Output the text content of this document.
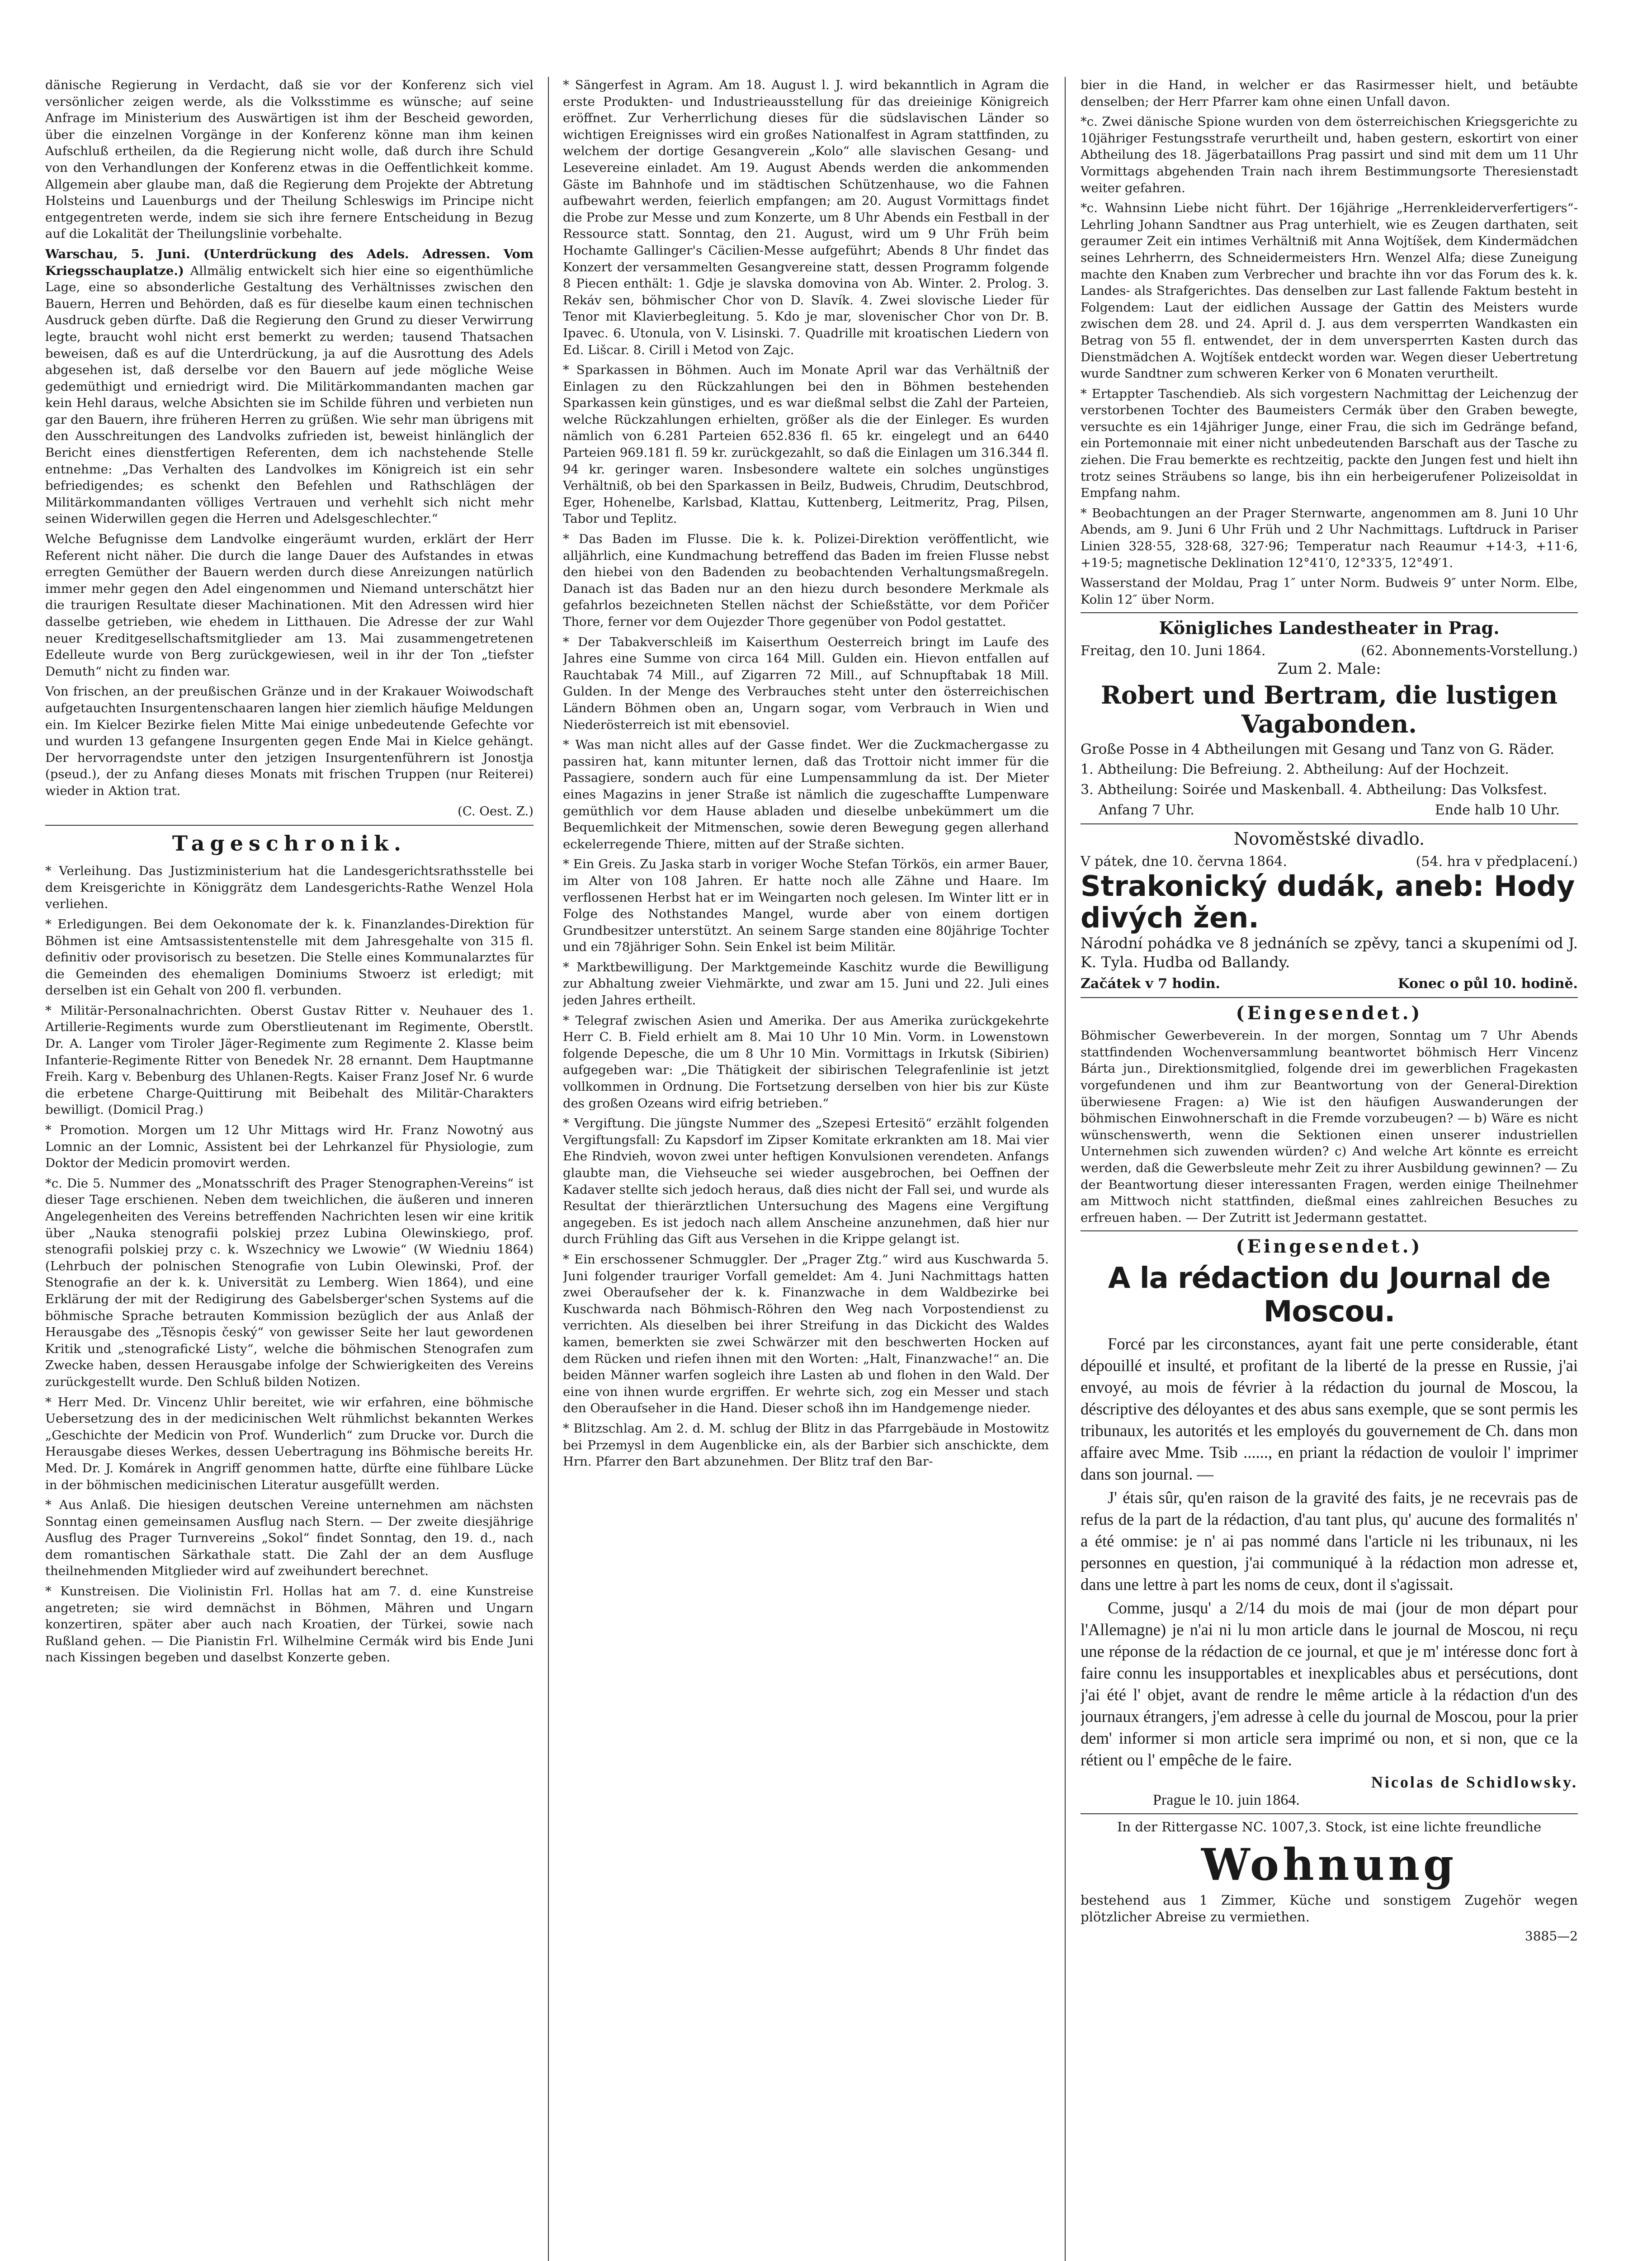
dänische Regierung in Verdacht, daß sie vor der Konferenz sich viel versönlicher zeigen werde, als die Volksstimme es wünsche; auf seine Anfrage im Ministerium des Auswärtigen ist ihm der Bescheid geworden, über die einzelnen Vorgänge in der Konferenz könne man ihm keinen Aufschluß ertheilen, da die Regierung nicht wolle, daß durch ihre Schuld von den Verhandlungen der Konferenz etwas in die Oeffentlichkeit komme. Allgemein aber glaube man, daß die Regierung dem Projekte der Abtretung Holsteins und Lauenburgs und der Theilung Schleswigs im Principe nicht entgegentreten werde, indem sie sich ihre fernere Entscheidung in Bezug auf die Lokalität der Theilungslinie vorbehalte.

Warschau, 5. Juni. (Unterdrückung des Adels. Adressen. Vom Kriegsschauplatze.) Allmälig entwickelt sich hier eine so eigenthümliche Lage, eine so absonderliche Gestaltung des Verhältnisses zwischen den Bauern, Herren und Behörden, daß es für dieselbe kaum einen technischen Ausdruck geben dürfte. Daß die Regierung den Grund zu dieser Verwirrung legte, braucht wohl nicht erst bemerkt zu werden; tausend Thatsachen beweisen, daß es auf die Unterdrückung, ja auf die Ausrottung des Adels abgesehen ist, daß derselbe vor den Bauern auf jede mögliche Weise gedemüthigt und erniedrigt wird. Die Militärkommandanten machen gar kein Hehl daraus, welche Absichten sie im Schilde führen und verbieten nun gar den Bauern, ihre früheren Herren zu grüßen. Wie sehr man übrigens mit den Ausschreitungen des Landvolks zufrieden ist, beweist hinlänglich der Bericht eines dienstfertigen Referenten, dem ich nachstehende Stelle entnehme: „Das Verhalten des Landvolkes im Königreich ist ein sehr befriedigendes; es schenkt den Befehlen und Rathschlägen der Militärkommandanten völliges Vertrauen und verhehlt sich nicht mehr seinen Widerwillen gegen die Herren und Adelsgeschlechter.“

Welche Befugnisse dem Landvolke eingeräumt wurden, erklärt der Herr Referent nicht näher. Die durch die lange Dauer des Aufstandes in etwas erregten Gemüther der Bauern werden durch diese Anreizungen natürlich immer mehr gegen den Adel eingenommen und Niemand unterschätzt hier die traurigen Resultate dieser Machinationen. Mit den Adressen wird hier dasselbe getrieben, wie ehedem in Litthauen. Die Adresse der zur Wahl neuer Kreditgesellschaftsmitglieder am 13. Mai zusammengetretenen Edelleute wurde von Berg zurückgewiesen, weil in ihr der Ton „tiefster Demuth“ nicht zu finden war.

Von frischen, an der preußischen Gränze und in der Krakauer Woiwodschaft aufgetauchten Insurgentenschaaren langen hier ziemlich häufige Meldungen ein. Im Kielcer Bezirke fielen Mitte Mai einige unbedeutende Gefechte vor und wurden 13 gefangene Insurgenten gegen Ende Mai in Kielce gehängt. Der hervorragendste unter den jetzigen Insurgentenführern ist Jonostja (pseud.), der zu Anfang dieses Monats mit frischen Truppen (nur Reiterei) wieder in Aktion trat.

(C. Oest. Z.)

Tageschronik.

* Verleihung. Das Justizministerium hat die Landesgerichtsrathsstelle bei dem Kreisgerichte in Königgrätz dem Landesgerichts-Rathe Wenzel Hola verliehen.

* Erledigungen. Bei dem Oekonomate der k. k. Finanzlandes-Direktion für Böhmen ist eine Amtsassistentenstelle mit dem Jahresgehalte von 315 fl. definitiv oder provisorisch zu besetzen. Die Stelle eines Kommunalarztes für die Gemeinden des ehemaligen Dominiums Stwoerz ist erledigt; mit derselben ist ein Gehalt von 200 fl. verbunden.

* Militär-Personalnachrichten. Oberst Gustav Ritter v. Neuhauer des 1. Artillerie-Regiments wurde zum Oberstlieutenant im Regimente, Oberstlt. Dr. A. Langer vom Tiroler Jäger-Regimente zum Regimente 2. Klasse beim Infanterie-Regimente Ritter von Benedek Nr. 28 ernannt. Dem Hauptmanne Freih. Karg v. Bebenburg des Uhlanen-Regts. Kaiser Franz Josef Nr. 6 wurde die erbetene Charge-Quittirung mit Beibehalt des Militär-Charakters bewilligt. (Domicil Prag.)

* Promotion. Morgen um 12 Uhr Mittags wird Hr. Franz Nowotný aus Lomnic an der Lomnic, Assistent bei der Lehrkanzel für Physiologie, zum Doktor der Medicin promovirt werden.

*c. Die 5. Nummer des „Monatsschrift des Prager Stenographen-Vereins“ ist dieser Tage erschienen. Neben dem tweichlichen, die äußeren und inneren Angelegenheiten des Vereins betreffenden Nachrichten lesen wir eine kritik über „Nauka stenografii polskiej przez Lubina Olewinskiego, prof. stenografii polskiej przy c. k. Wszechnicy we Lwowie“ (W Wiedniu 1864) (Lehrbuch der polnischen Stenografie von Lubin Olewinski, Prof. der Stenografie an der k. k. Universität zu Lemberg. Wien 1864), und eine Erklärung der mit der Redigirung des Gabelsberger'schen Systems auf die böhmische Sprache betrauten Kommission bezüglich der aus Anlaß der Herausgabe des „Těsnopis český“ von gewisser Seite her laut gewordenen Kritik und „stenografické Listy“, welche die böhmischen Stenografen zum Zwecke haben, dessen Herausgabe infolge der Schwierigkeiten des Vereins zurückgestellt wurde. Den Schluß bilden Notizen.

* Herr Med. Dr. Vincenz Uhlir bereitet, wie wir erfahren, eine böhmische Uebersetzung des in der medicinischen Welt rühmlichst bekannten Werkes „Geschichte der Medicin von Prof. Wunderlich“ zum Drucke vor. Durch die Herausgabe dieses Werkes, dessen Uebertragung ins Böhmische bereits Hr. Med. Dr. J. Komárek in Angriff genommen hatte, dürfte eine fühlbare Lücke in der böhmischen medicinischen Literatur ausgefüllt werden.

* Aus Anlaß. Die hiesigen deutschen Vereine unternehmen am nächsten Sonntag einen gemeinsamen Ausflug nach Stern. — Der zweite diesjährige Ausflug des Prager Turnvereins „Sokol“ findet Sonntag, den 19. d., nach dem romantischen Särkathale statt. Die Zahl der an dem Ausfluge theilnehmenden Mitglieder wird auf zweihundert berechnet.

* Kunstreisen. Die Violinistin Frl. Hollas hat am 7. d. eine Kunstreise angetreten; sie wird demnächst in Böhmen, Mähren und Ungarn konzertiren, später aber auch nach Kroatien, der Türkei, sowie nach Rußland gehen. — Die Pianistin Frl. Wilhelmine Cermák wird bis Ende Juni nach Kissingen begeben und daselbst Konzerte geben.

* Sängerfest in Agram. Am 18. August l. J. wird bekanntlich in Agram die erste Produkten- und Industrieausstellung für das dreieinige Königreich eröffnet. Zur Verherrlichung dieses für die südslavischen Länder so wichtigen Ereignisses wird ein großes Nationalfest in Agram stattfinden, zu welchem der dortige Gesangverein „Kolo“ alle slavischen Gesang- und Lesevereine einladet. Am 19. August Abends werden die ankommenden Gäste im Bahnhofe und im städtischen Schützenhause, wo die Fahnen aufbewahrt werden, feierlich empfangen; am 20. August Vormittags findet die Probe zur Messe und zum Konzerte, um 8 Uhr Abends ein Festball in der Ressource statt. Sonntag, den 21. August, wird um 9 Uhr Früh beim Hochamte Gallinger's Cäcilien-Messe aufgeführt; Abends 8 Uhr findet das Konzert der versammelten Gesangvereine statt, dessen Programm folgende 8 Piecen enthält: 1. Gdje je slavska domovina von Ab. Winter. 2. Prolog. 3. Rekáv sen, böhmischer Chor von D. Slavík. 4. Zwei slovische Lieder für Tenor mit Klavierbegleitung. 5. Kdo je mar, slovenischer Chor von Dr. B. Ipavec. 6. Utonula, von V. Lisinski. 7. Quadrille mit kroatischen Liedern von Ed. Lišcar. 8. Cirill i Metod von Zajc.

* Sparkassen in Böhmen. Auch im Monate April war das Verhältniß der Einlagen zu den Rückzahlungen bei den in Böhmen bestehenden Sparkassen kein günstiges, und es war dießmal selbst die Zahl der Parteien, welche Rückzahlungen erhielten, größer als die der Einleger. Es wurden nämlich von 6.281 Parteien 652.836 fl. 65 kr. eingelegt und an 6440 Parteien 969.181 fl. 59 kr. zurückgezahlt, so daß die Einlagen um 316.344 fl. 94 kr. geringer waren. Insbesondere waltete ein solches ungünstiges Verhältniß, ob bei den Sparkassen in Beilz, Budweis, Chrudim, Deutschbrod, Eger, Hohenelbe, Karlsbad, Klattau, Kuttenberg, Leitmeritz, Prag, Pilsen, Tabor und Teplitz.

* Das Baden im Flusse. Die k. k. Polizei-Direktion veröffentlicht, wie alljährlich, eine Kundmachung betreffend das Baden im freien Flusse nebst den hiebei von den Badenden zu beobachtenden Verhaltungsmaßregeln. Danach ist das Baden nur an den hiezu durch besondere Merkmale als gefahrlos bezeichneten Stellen nächst der Schießstätte, vor dem Pořičer Thore, ferner vor dem Oujezder Thore gegenüber von Podol gestattet.

* Der Tabakverschleiß im Kaiserthum Oesterreich bringt im Laufe des Jahres eine Summe von circa 164 Mill. Gulden ein. Hievon entfallen auf Rauchtabak 74 Mill., auf Zigarren 72 Mill., auf Schnupftabak 18 Mill. Gulden. In der Menge des Verbrauches steht unter den österreichischen Ländern Böhmen oben an, Ungarn sogar, vom Verbrauch in Wien und Niederösterreich ist mit ebensoviel.

* Was man nicht alles auf der Gasse findet. Wer die Zuckmachergasse zu passiren hat, kann mitunter lernen, daß das Trottoir nicht immer für die Passagiere, sondern auch für eine Lumpensammlung da ist. Der Mieter eines Magazins in jener Straße ist nämlich die zugeschaffte Lumpenware gemüthlich vor dem Hause abladen und dieselbe unbekümmert um die Bequemlichkeit der Mitmenschen, sowie deren Bewegung gegen allerhand eckelerregende Thiere, mitten auf der Straße sichten.

* Ein Greis. Zu Jaska starb in voriger Woche Stefan Törkös, ein armer Bauer, im Alter von 108 Jahren. Er hatte noch alle Zähne und Haare. Im verflossenen Herbst hat er im Weingarten noch gelesen. Im Winter litt er in Folge des Nothstandes Mangel, wurde aber von einem dortigen Grundbesitzer unterstützt. An seinem Sarge standen eine 80jährige Tochter und ein 78jähriger Sohn. Sein Enkel ist beim Militär.

* Marktbewilligung. Der Marktgemeinde Kaschitz wurde die Bewilligung zur Abhaltung zweier Viehmärkte, und zwar am 15. Juni und 22. Juli eines jeden Jahres ertheilt.

* Telegraf zwischen Asien und Amerika. Der aus Amerika zurückgekehrte Herr C. B. Field erhielt am 8. Mai 10 Uhr 10 Min. Vorm. in Lowenstown folgende Depesche, die um 8 Uhr 10 Min. Vormittags in Irkutsk (Sibirien) aufgegeben war: „Die Thätigkeit der sibirischen Telegrafenlinie ist jetzt vollkommen in Ordnung. Die Fortsetzung derselben von hier bis zur Küste des großen Ozeans wird eifrig betrieben.“

* Vergiftung. Die jüngste Nummer des „Szepesi Ertesitö“ erzählt folgenden Vergiftungsfall: Zu Kapsdorf im Zipser Komitate erkrankten am 18. Mai vier Ehe Rindvieh, wovon zwei unter heftigen Konvulsionen verendeten. Anfangs glaubte man, die Viehseuche sei wieder ausgebrochen, bei Oeffnen der Kadaver stellte sich jedoch heraus, daß dies nicht der Fall sei, und wurde als Resultat der thierärztlichen Untersuchung des Magens eine Vergiftung angegeben. Es ist jedoch nach allem Anscheine anzunehmen, daß hier nur durch Frühling das Gift aus Versehen in die Krippe gelangt ist.

* Ein erschossener Schmuggler. Der „Prager Ztg.“ wird aus Kuschwarda 5. Juni folgender trauriger Vorfall gemeldet: Am 4. Juni Nachmittags hatten zwei Oberaufseher der k. k. Finanzwache in dem Waldbezirke bei Kuschwarda nach Böhmisch-Röhren den Weg nach Vorpostendienst zu verrichten. Als dieselben bei ihrer Streifung in das Dickicht des Waldes kamen, bemerkten sie zwei Schwärzer mit den beschwerten Hocken auf dem Rücken und riefen ihnen mit den Worten: „Halt, Finanzwache!“ an. Die beiden Männer warfen sogleich ihre Lasten ab und flohen in den Wald. Der eine von ihnen wurde ergriffen. Er wehrte sich, zog ein Messer und stach den Oberaufseher in die Hand. Dieser schoß ihn im Handgemenge nieder.

* Blitzschlag. Am 2. d. M. schlug der Blitz in das Pfarrgebäude in Mostowitz bei Przemysl in dem Augenblicke ein, als der Barbier sich anschickte, dem Hrn. Pfarrer den Bart abzunehmen. Der Blitz traf den Bar-

bier in die Hand, in welcher er das Rasirmesser hielt, und betäubte denselben; der Herr Pfarrer kam ohne einen Unfall davon.

*c. Zwei dänische Spione wurden von dem österreichischen Kriegsgerichte zu 10jähriger Festungsstrafe verurtheilt und, haben gestern, eskortirt von einer Abtheilung des 18. Jägerbataillons Prag passirt und sind mit dem um 11 Uhr Vormittags abgehenden Train nach ihrem Bestimmungsorte Theresienstadt weiter gefahren.

*c. Wahnsinn Liebe nicht führt. Der 16jährige „Herrenkleiderverfertigers“-Lehrling Johann Sandtner aus Prag unterhielt, wie es Zeugen darthaten, seit geraumer Zeit ein intimes Verhältniß mit Anna Wojtíšek, dem Kindermädchen seines Lehrherrn, des Schneidermeisters Hrn. Wenzel Alfa; diese Zuneigung machte den Knaben zum Verbrecher und brachte ihn vor das Forum des k. k. Landes- als Strafgerichtes. Das denselben zur Last fallende Faktum besteht in Folgendem: Laut der eidlichen Aussage der Gattin des Meisters wurde zwischen dem 28. und 24. April d. J. aus dem versperrten Wandkasten ein Betrag von 55 fl. entwendet, der in dem unversperrten Kasten durch das Dienstmädchen A. Wojtíšek entdeckt worden war. Wegen dieser Uebertretung wurde Sandtner zum schweren Kerker von 6 Monaten verurtheilt.

* Ertappter Taschendieb. Als sich vorgestern Nachmittag der Leichenzug der verstorbenen Tochter des Baumeisters Cermák über den Graben bewegte, versuchte es ein 14jähriger Junge, einer Frau, die sich im Gedränge befand, ein Portemonnaie mit einer nicht unbedeutenden Barschaft aus der Tasche zu ziehen. Die Frau bemerkte es rechtzeitig, packte den Jungen fest und hielt ihn trotz seines Sträubens so lange, bis ihn ein herbeigerufener Polizeisoldat in Empfang nahm.

* Beobachtungen an der Prager Sternwarte, angenommen am 8. Juni 10 Uhr Abends, am 9. Juni 6 Uhr Früh und 2 Uhr Nachmittags. Luftdruck in Pariser Linien 328·55, 328·68, 327·96; Temperatur nach Reaumur +14·3, +11·6, +19·5; magnetische Deklination 12°41′0, 12°33′5, 12°49′1.

Wasserstand der Moldau, Prag 1″ unter Norm. Budweis 9″ unter Norm. Elbe, Kolin 12″ über Norm.

Königliches Landestheater in Prag.
Freitag, den 10. Juni 1864.	(62. Abonnements-Vorstellung.)
Zum 2. Male:
Robert und Bertram, die lustigen Vagabonden.

Große Posse in 4 Abtheilungen mit Gesang und Tanz von G. Räder.

1. Abtheilung: Die Befreiung. 2. Abtheilung: Auf der Hochzeit.

3. Abtheilung: Soirée und Maskenball. 4. Abtheilung: Das Volksfest.

Anfang 7 Uhr.	Ende halb 10 Uhr.
Novoměstské divadlo.
V pátek, dne 10. června 1864.	(54. hra v předplacení.)
Strakonický dudák, aneb: Hody divých žen.

Národní pohádka ve 8 jednáních se zpěvy, tanci a skupeními od J. K. Tyla. Hudba od Ballandy.

Začátek v 7 hodin.	Konec o půl 10. hodině.
(Eingesendet.)

Böhmischer Gewerbeverein. In der morgen, Sonntag um 7 Uhr Abends stattfindenden Wochenversammlung beantwortet böhmisch Herr Vincenz Bárta jun., Direktionsmitglied, folgende drei im gewerblichen Fragekasten vorgefundenen und ihm zur Beantwortung von der General-Direktion überwiesene Fragen: a) Wie ist den häufigen Auswanderungen der böhmischen Einwohnerschaft in die Fremde vorzubeugen? — b) Wäre es nicht wünschenswerth, wenn die Sektionen einen unserer industriellen Unternehmen sich zuwenden würden? c) And welche Art könnte es erreicht werden, daß die Gewerbsleute mehr Zeit zu ihrer Ausbildung gewinnen? — Zu der Beantwortung dieser interessanten Fragen, werden einige Theilnehmer am Mittwoch nicht stattfinden, dießmal eines zahlreichen Besuches zu erfreuen haben. — Der Zutritt ist Jedermann gestattet.

(Eingesendet.)
A la rédaction du Journal de Moscou.

Forcé par les circonstances, ayant fait une perte considerable, étant dépouillé et insulté, et profitant de la liberté de la presse en Russie, j'ai envoyé, au mois de février à la rédaction du journal de Moscou, la déscriptive des déloyantes et des abus sans exemple, que se sont permis les tribunaux, les autorités et les employés du gouvernement de Ch. dans mon affaire avec Mme. Tsib ......, en priant la rédaction de vouloir l' imprimer dans son journal. —

J' étais sûr, qu'en raison de la gravité des faits, je ne recevrais pas de refus de la part de la rédaction, d'au tant plus, qu' aucune des formalités n' a été ommise: je n' ai pas nommé dans l'article ni les tribunaux, ni les personnes en question, j'ai communiqué à la rédaction mon adresse et, dans une lettre à part les noms de ceux, dont il s'agissait.

Comme, jusqu' a 2/14 du mois de mai (jour de mon départ pour l'Allemagne) je n'ai ni lu mon article dans le journal de Moscou, ni reçu une réponse de la rédaction de ce journal, et que je m' intéresse donc fort à faire connu les insupportables et inexplicables abus et persécutions, dont j'ai été l' objet, avant de rendre le même article à la rédaction d'un des journaux étrangers, j'em adresse à celle du journal de Moscou, pour la prier dem' informer si mon article sera imprimé ou non, et si non, que ce la rétient ou l' empêche de le faire.

Nicolas de Schidlowsky.
Prague le 10. juin 1864.

In der Rittergasse NC. 1007,3. Stock, ist eine lichte freundliche

Wohnung

bestehend aus 1 Zimmer, Küche und sonstigem Zugehör wegen plötzlicher Abreise zu vermiethen.

3885—2
